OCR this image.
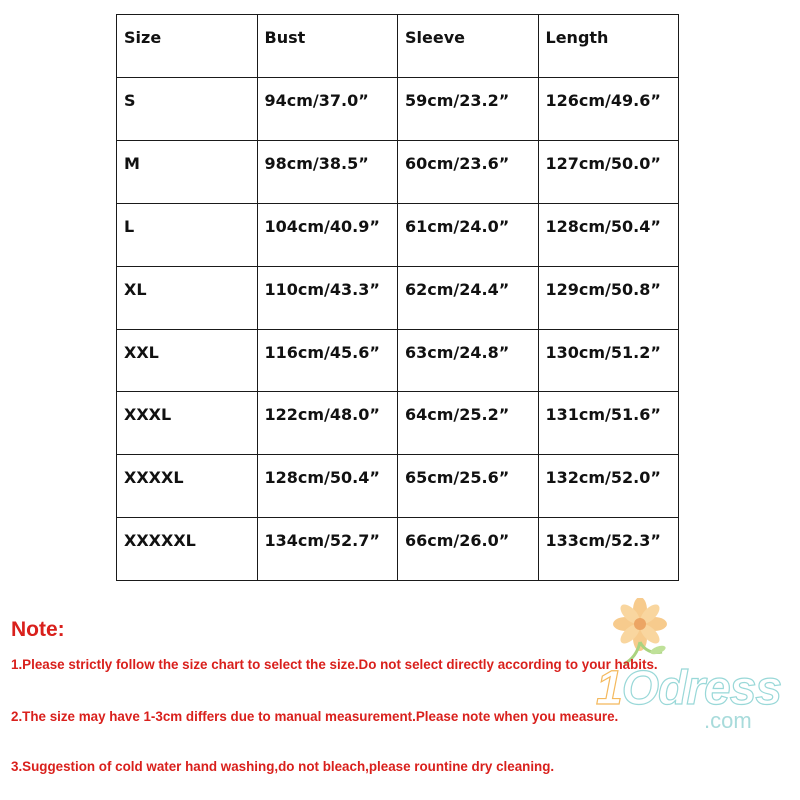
Size	Bust	Sleeve	Length
S	94cm/37.0”	59cm/23.2”	126cm/49.6”
M	98cm/38.5”	60cm/23.6”	127cm/50.0”
L	104cm/40.9”	61cm/24.0”	128cm/50.4”
XL	110cm/43.3”	62cm/24.4”	129cm/50.8”
XXL	116cm/45.6”	63cm/24.8”	130cm/51.2”
XXXL	122cm/48.0”	64cm/25.2”	131cm/51.6”
XXXXL	128cm/50.4”	65cm/25.6”	132cm/52.0”
XXXXXL	134cm/52.7”	66cm/26.0”	133cm/52.3”
Note:
1Odress
.com
1.Please strictly follow the size chart to select the size.Do not select directly according to your habits.
2.The size may have 1-3cm differs due to manual measurement.Please note when you measure.
3.Suggestion of cold water hand washing,do not bleach,please rountine dry cleaning.
